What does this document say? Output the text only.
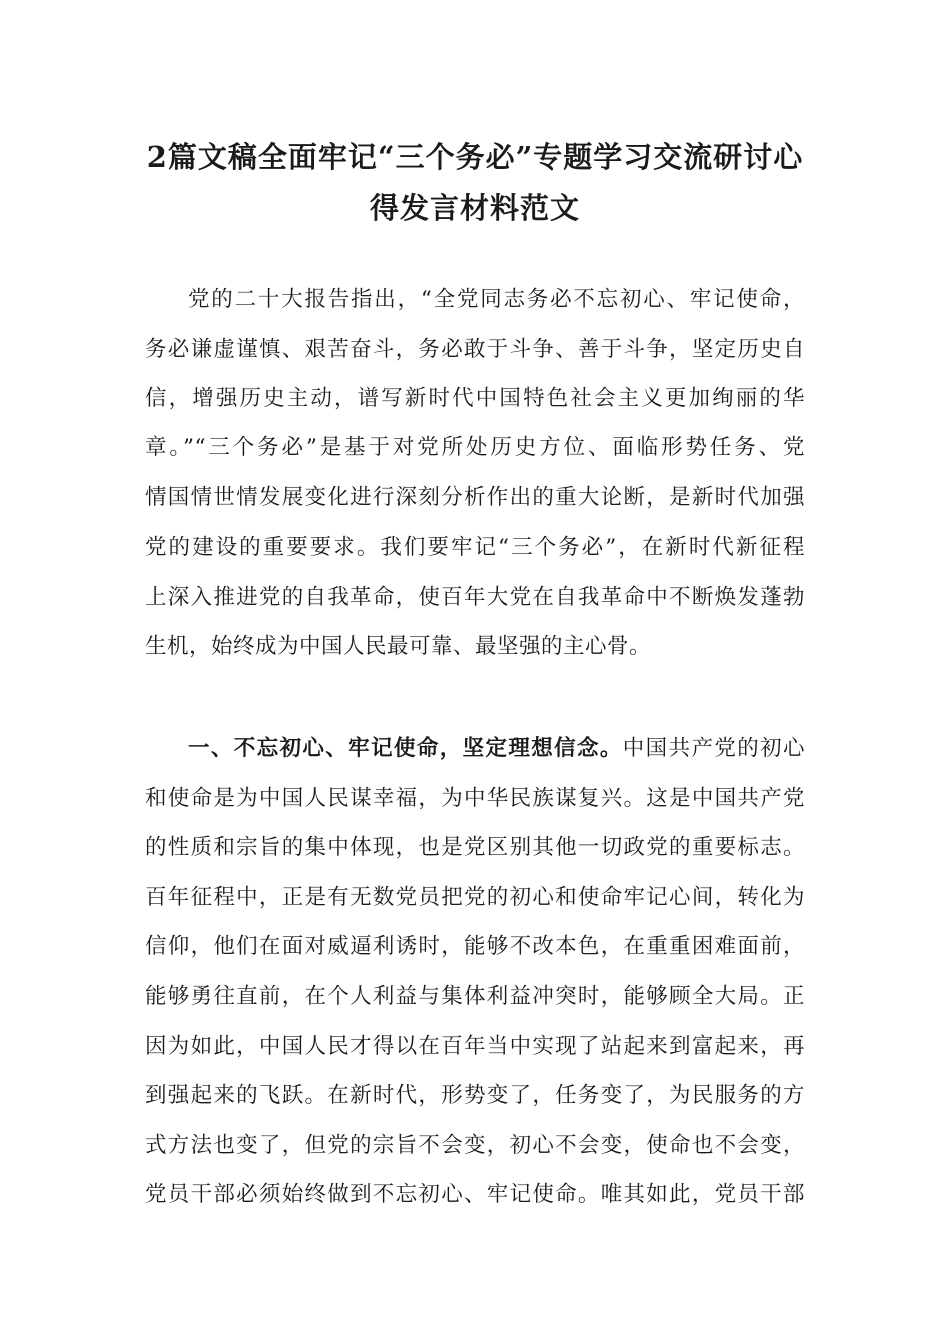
2篇文稿全面牢记“三个务必”专题学习交流研讨心
得发言材料范文
党的二十大报告指出，“全党同志务必不忘初心、牢记使命，
务必谦虚谨慎、艰苦奋斗，务必敢于斗争、善于斗争，坚定历史自
信，增强历史主动，谱写新时代中国特色社会主义更加绚丽的华
章。”“三个务必”是基于对党所处历史方位、面临形势任务、党
情国情世情发展变化进行深刻分析作出的重大论断，是新时代加强
党的建设的重要要求。我们要牢记“三个务必”，在新时代新征程
上深入推进党的自我革命，使百年大党在自我革命中不断焕发蓬勃
生机，始终成为中国人民最可靠、最坚强的主心骨。
一、不忘初心、牢记使命，坚定理想信念。中国共产党的初心
和使命是为中国人民谋幸福，为中华民族谋复兴。这是中国共产党
的性质和宗旨的集中体现，也是党区别其他一切政党的重要标志。
百年征程中，正是有无数党员把党的初心和使命牢记心间，转化为
信仰，他们在面对威逼利诱时，能够不改本色，在重重困难面前，
能够勇往直前，在个人利益与集体利益冲突时，能够顾全大局。正
因为如此，中国人民才得以在百年当中实现了站起来到富起来，再
到强起来的飞跃。在新时代，形势变了，任务变了，为民服务的方
式方法也变了，但党的宗旨不会变，初心不会变，使命也不会变，
党员干部必须始终做到不忘初心、牢记使命。唯其如此，党员干部
